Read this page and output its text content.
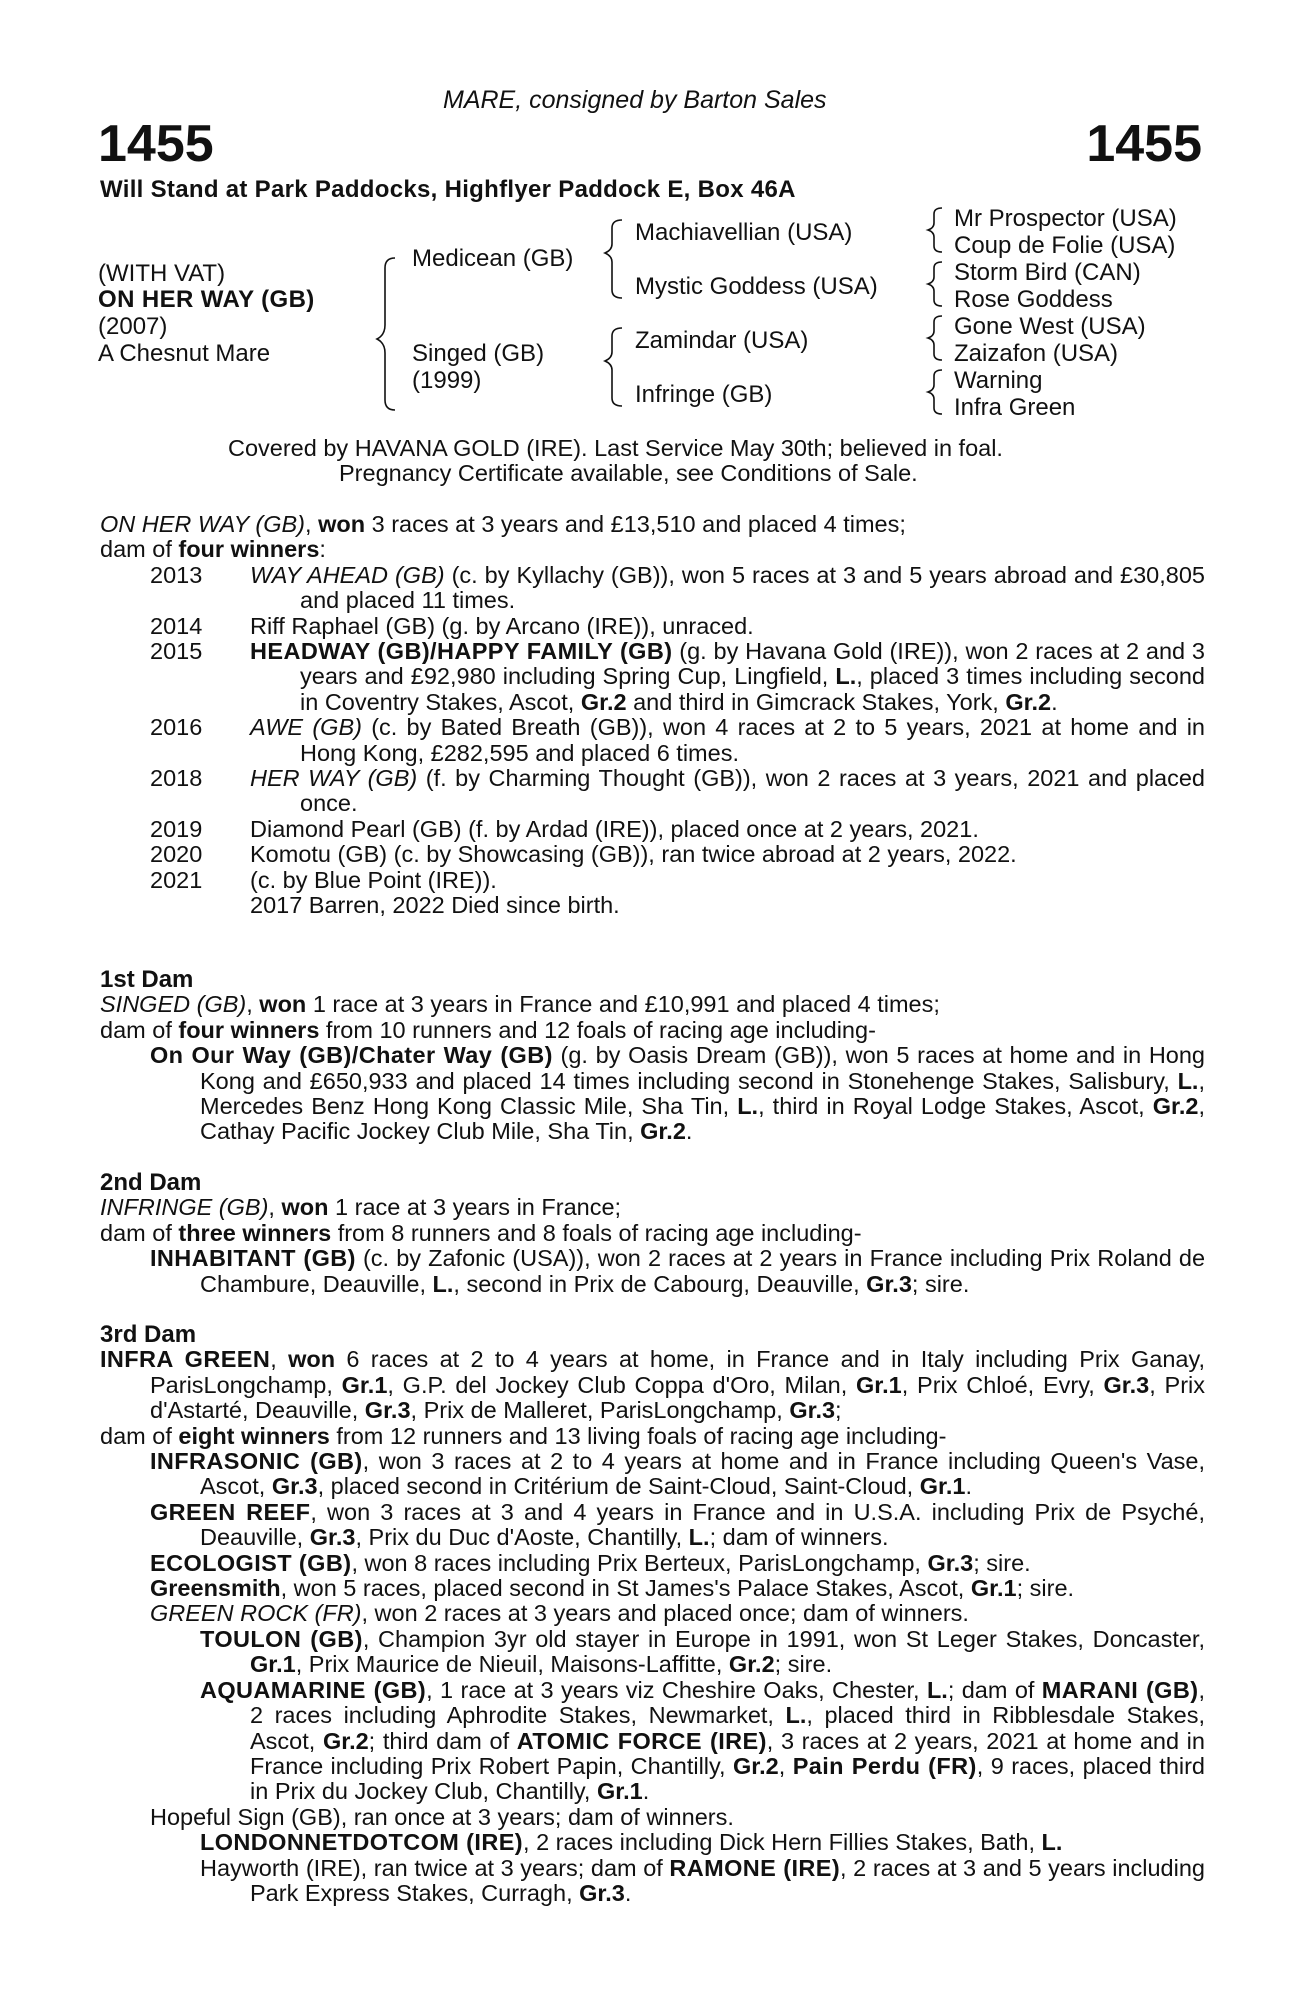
MARE, consigned by Barton Sales
1455	1455
Will Stand at Park Paddocks, Highflyer Paddock E, Box 46A
(WITH VAT)
ON HER WAY (GB)
(2007)
A Chesnut Mare
Medicean (GB)
Singed (GB)
(1999)
Machiavellian (USA)
Mystic Goddess (USA)
Zamindar (USA)
Infringe (GB)
Mr Prospector (USA)
Coup de Folie (USA)
Storm Bird (CAN)
Rose Goddess
Gone West (USA)
Zaizafon (USA)
Warning
Infra Green
Covered by HAVANA GOLD (IRE). Last Service May 30th; believed in foal.
Pregnancy Certificate available, see Conditions of Sale.

ON HER WAY (GB), won 3 races at 3 years and £13,510 and placed 4 times;

dam of four winners:

2013	WAY AHEAD (GB) (c. by Kyllachy (GB)), won 5 races at 3 and 5 years abroad and £30,805 and placed 11 times.
2014	Riff Raphael (GB) (g. by Arcano (IRE)), unraced.
2015	HEADWAY (GB)/HAPPY FAMILY (GB) (g. by Havana Gold (IRE)), won 2 races at 2 and 3 years and £92,980 including Spring Cup, Lingfield, L., placed 3 times including second in Coventry Stakes, Ascot, Gr.2 and third in Gimcrack Stakes, York, Gr.2.
2016	AWE (GB) (c. by Bated Breath (GB)), won 4 races at 2 to 5 years, 2021 at home and in Hong Kong, £282,595 and placed 6 times.
2018	HER WAY (GB) (f. by Charming Thought (GB)), won 2 races at 3 years, 2021 and placed once.
2019	Diamond Pearl (GB) (f. by Ardad (IRE)), placed once at 2 years, 2021.
2020	Komotu (GB) (c. by Showcasing (GB)), ran twice abroad at 2 years, 2022.
2021	(c. by Blue Point (IRE)).
2017 Barren, 2022 Died since birth.

1st Dam

SINGED (GB), won 1 race at 3 years in France and £10,991 and placed 4 times;

dam of four winners from 10 runners and 12 foals of racing age including-

On Our Way (GB)/Chater Way (GB) (g. by Oasis Dream (GB)), won 5 races at home and in Hong Kong and £650,933 and placed 14 times including second in Stonehenge Stakes, Salisbury, L., Mercedes Benz Hong Kong Classic Mile, Sha Tin, L., third in Royal Lodge Stakes, Ascot, Gr.2, Cathay Pacific Jockey Club Mile, Sha Tin, Gr.2.

2nd Dam

INFRINGE (GB), won 1 race at 3 years in France;

dam of three winners from 8 runners and 8 foals of racing age including-

INHABITANT (GB) (c. by Zafonic (USA)), won 2 races at 2 years in France including Prix Roland de Chambure, Deauville, L., second in Prix de Cabourg, Deauville, Gr.3; sire.

3rd Dam

INFRA GREEN, won 6 races at 2 to 4 years at home, in France and in Italy including Prix Ganay, ParisLongchamp, Gr.1, G.P. del Jockey Club Coppa d'Oro, Milan, Gr.1, Prix Chloé, Evry, Gr.3, Prix d'Astarté, Deauville, Gr.3, Prix de Malleret, ParisLongchamp, Gr.3;

dam of eight winners from 12 runners and 13 living foals of racing age including-

INFRASONIC (GB), won 3 races at 2 to 4 years at home and in France including Queen's Vase, Ascot, Gr.3, placed second in Critérium de Saint-Cloud, Saint-Cloud, Gr.1.

GREEN REEF, won 3 races at 3 and 4 years in France and in U.S.A. including Prix de Psyché, Deauville, Gr.3, Prix du Duc d'Aoste, Chantilly, L.; dam of winners.

ECOLOGIST (GB), won 8 races including Prix Berteux, ParisLongchamp, Gr.3; sire.

Greensmith, won 5 races, placed second in St James's Palace Stakes, Ascot, Gr.1; sire.

GREEN ROCK (FR), won 2 races at 3 years and placed once; dam of winners.

TOULON (GB), Champion 3yr old stayer in Europe in 1991, won St Leger Stakes, Doncaster, Gr.1, Prix Maurice de Nieuil, Maisons-Laffitte, Gr.2; sire.

AQUAMARINE (GB), 1 race at 3 years viz Cheshire Oaks, Chester, L.; dam of MARANI (GB), 2 races including Aphrodite Stakes, Newmarket, L., placed third in Ribblesdale Stakes, Ascot, Gr.2; third dam of ATOMIC FORCE (IRE), 3 races at 2 years, 2021 at home and in France including Prix Robert Papin, Chantilly, Gr.2, Pain Perdu (FR), 9 races, placed third in Prix du Jockey Club, Chantilly, Gr.1.

Hopeful Sign (GB), ran once at 3 years; dam of winners.

LONDONNETDOTCOM (IRE), 2 races including Dick Hern Fillies Stakes, Bath, L.

Hayworth (IRE), ran twice at 3 years; dam of RAMONE (IRE), 2 races at 3 and 5 years including Park Express Stakes, Curragh, Gr.3.
